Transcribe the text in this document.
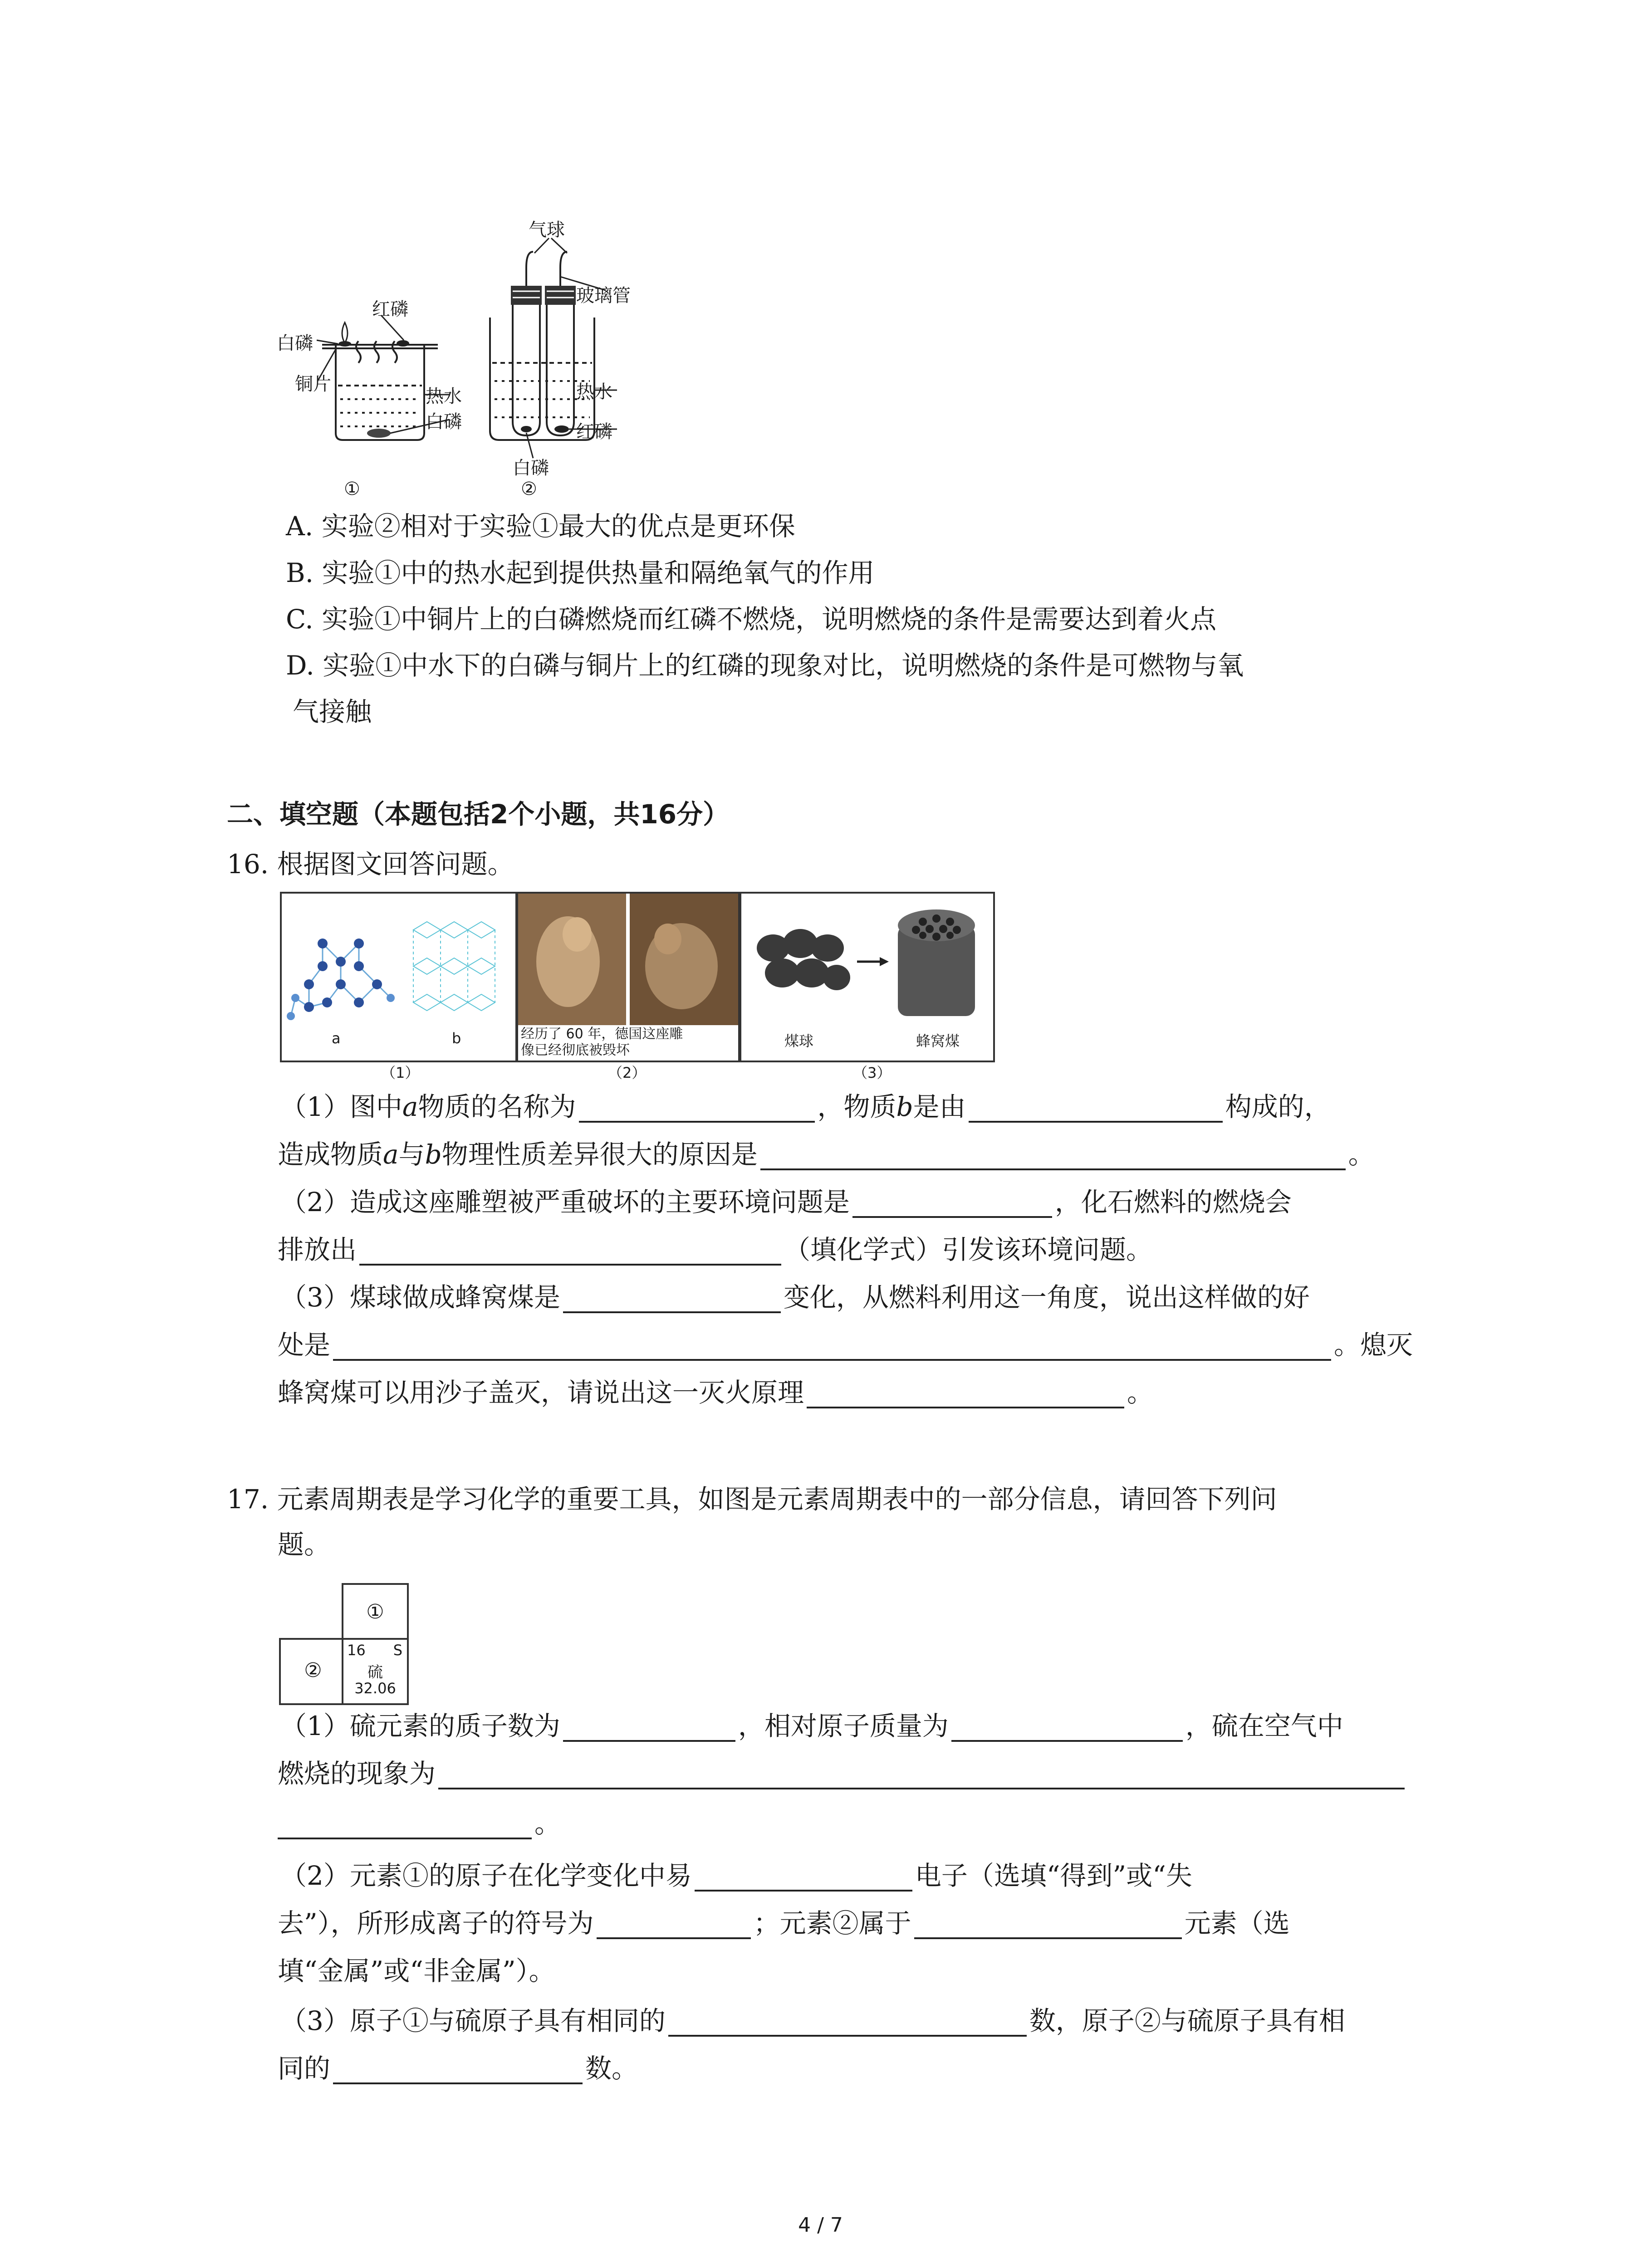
红磷
白磷
铜片
热水
白磷
①
气球
玻璃管
热水
红磷
白磷
②
A. 实验②相对于实验①最大的优点是更环保
B. 实验①中的热水起到提供热量和隔绝氧气的作用
C. 实验①中铜片上的白磷燃烧而红磷不燃烧，说明燃烧的条件是需要达到着火点
D. 实验①中水下的白磷与铜片上的红磷的现象对比，说明燃烧的条件是可燃物与氧
气接触
二、填空题（本题包括2个小题，共16分）
16. 根据图文回答问题。
a	b
（1）
经历了 60 年，德国这座雕
像已经彻底被毁坏
（2）
煤球	蜂窝煤
（3）
（1）图中a物质的名称为	，物质b是由	构成的，
造成物质a与b物理性质差异很大的原因是	。
（2）造成这座雕塑被严重破坏的主要环境问题是	，化石燃料的燃烧会
排放出	（填化学式）引发该环境问题。
（3）煤球做成蜂窝煤是	变化，从燃料利用这一角度，说出这样做的好
处是	。熄灭
蜂窝煤可以用沙子盖灭，请说出这一灭火原理	。
17. 元素周期表是学习化学的重要工具，如图是元素周期表中的一部分信息，请回答下列问
题。
①
②
16 S
硫
32.06
（1）硫元素的质子数为	，相对原子质量为	，硫在空气中
燃烧的现象为
。
（2）元素①的原子在化学变化中易	电子（选填“得到”或“失
去”），所形成离子的符号为	；元素②属于	元素（选
填“金属”或“非金属”）。
（3）原子①与硫原子具有相同的	数，原子②与硫原子具有相
同的	数。
4 / 7
